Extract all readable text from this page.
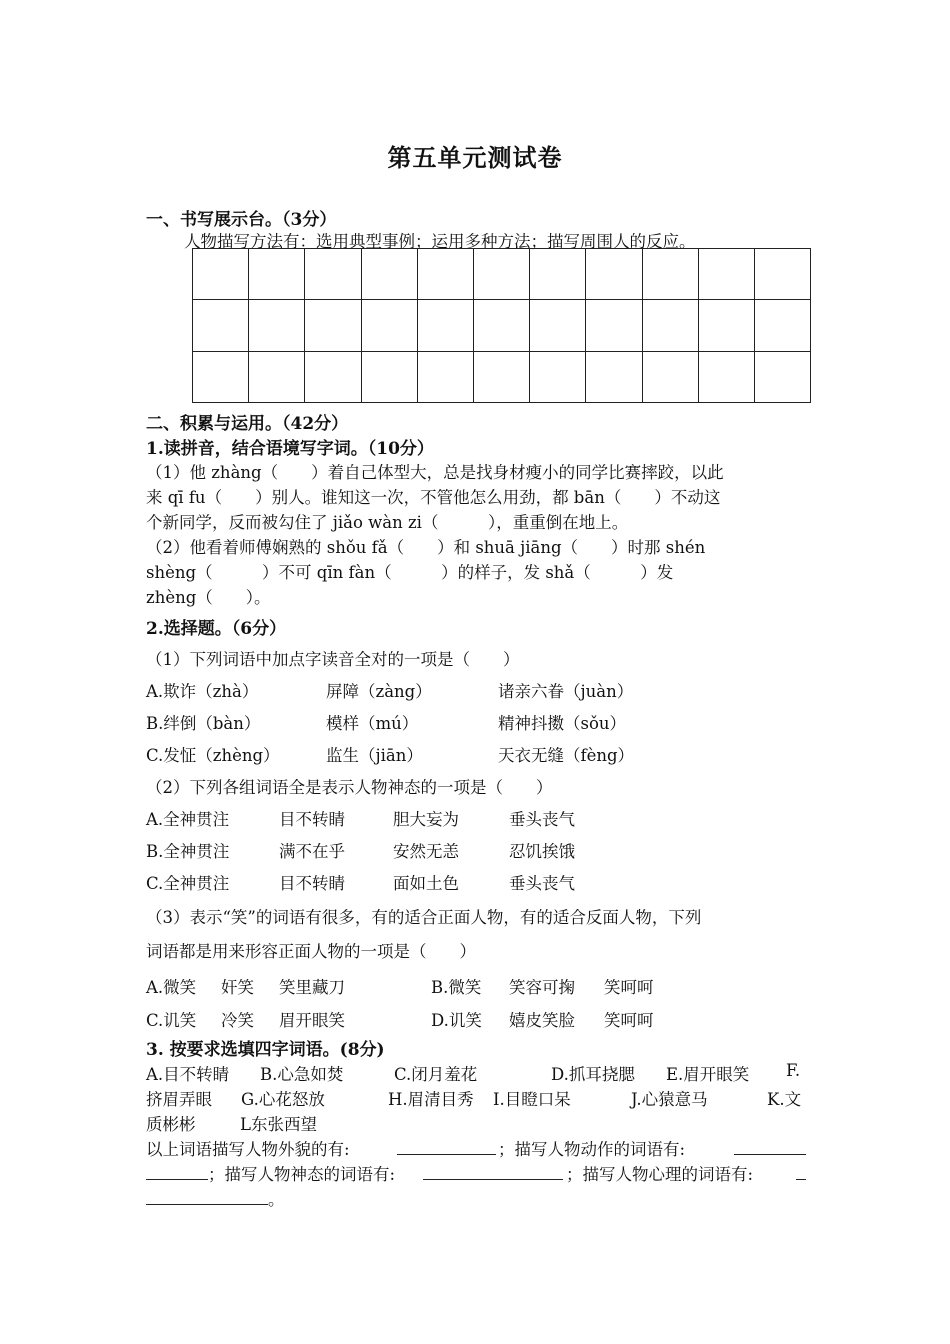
第五单元测试卷
一、书写展示台。（3分）
人物描写方法有：选用典型事例；运用多种方法；描写周围人的反应。

二、积累与运用。（42分）
1.读拼音，结合语境写字词。（10分）
（1）他 zhàng（　　）着自己体型大，总是找身材瘦小的同学比赛摔跤，以此
来 qī fu（　　）别人。谁知这一次，不管他怎么用劲，都 bān（　　）不动这
个新同学，反而被勾住了 jiǎo wàn zi（　　　），重重倒在地上。
（2）他看着师傅娴熟的 shǒu fǎ（　　）和 shuā jiāng（　　）时那 shén
shèng（　　　）不可 qīn fàn（　　　）的样子，发 shǎ（　　　）发
zhèng（　　）。
2.选择题。（6分）
（1）下列词语中加点字读音全对的一项是（　　）
A.欺诈（zhà）	屏障（zàng）	诸亲六眷（juàn）
B.绊倒（bàn）	模样（mú）	精神抖擞（sǒu）
C.发怔（zhèng）	监生（jiān）	天衣无缝（fèng）
（2）下列各组词语全是表示人物神态的一项是（　　）
A.全神贯注	目不转睛	胆大妄为	垂头丧气
B.全神贯注	满不在乎	安然无恙	忍饥挨饿
C.全神贯注	目不转睛	面如土色	垂头丧气
（3）表示“笑”的词语有很多，有的适合正面人物，有的适合反面人物，下列
词语都是用来形容正面人物的一项是（　　）
A.微笑 奸笑 笑里藏刀	B.微笑 笑容可掬 笑呵呵
C.讥笑 冷笑 眉开眼笑	D.讥笑 嬉皮笑脸 笑呵呵
3. 按要求选填四字词语。(8分)
A.目不转睛 B.心急如焚	C.闭月羞花	D.抓耳挠腮 E.眉开眼笑 F.
挤眉弄眼 G.心花怒放	H.眉清目秀 I.目瞪口呆	J.心猿意马	K.文
质彬彬	L东张西望
以上词语描写人物外貌的有:	；描写人物动作的词语有:
；描写人物神态的词语有:	；描写人物心理的词语有:
。
